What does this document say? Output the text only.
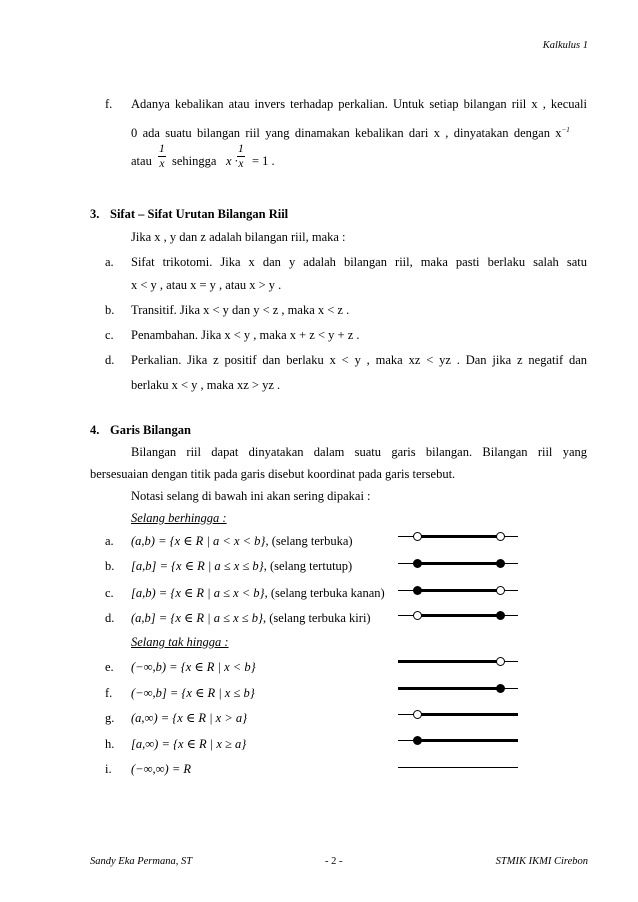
Kalkulus 1
f. Adanya kebalikan atau invers terhadap perkalian. Untuk setiap bilangan riil x , kecuali
0 ada suatu bilangan riil yang dinamakan kebalikan dari x , dinyatakan dengan $x^{-1}$
atau $\frac{1}{x}$ sehingga $x \cdot \frac{1}{x} = 1$ .
3. Sifat – Sifat Urutan Bilangan Riil
Jika x , y dan z adalah bilangan riil, maka :
a. Sifat trikotomi. Jika x dan y adalah bilangan riil, maka pasti berlaku salah satu
x < y , atau x = y , atau x > y .
b. Transitif. Jika x < y dan y < z , maka x < z .
c. Penambahan. Jika x < y , maka x + z < y + z .
d. Perkalian. Jika z positif dan berlaku x < y , maka xz < yz . Dan jika z negatif dan
berlaku x < y , maka xz > yz .
4. Garis Bilangan
Bilangan riil dapat dinyatakan dalam suatu garis bilangan. Bilangan riil yang
bersesuaian dengan titik pada garis disebut koordinat pada garis tersebut.
Notasi selang di bawah ini akan sering dipakai :
Selang berhingga :
a. (a,b) = {x ∈ R | a < x < b}, (selang terbuka)
b. [a,b] = {x ∈ R | a ≤ x ≤ b}, (selang tertutup)
c. [a,b) = {x ∈ R | a ≤ x < b}, (selang terbuka kanan)
d. (a,b] = {x ∈ R | a ≤ x ≤ b}, (selang terbuka kiri)
Selang tak hingga :
e. (−∞,b) = {x ∈ R | x < b}
f. (−∞,b] = {x ∈ R | x ≤ b}
g. (a,∞) = {x ∈ R | x > a}
h. [a,∞) = {x ∈ R | x ≥ a}
i. (−∞,∞) = R
Sandy Eka Permana, ST	- 2 -	STMIK IKMI Cirebon
